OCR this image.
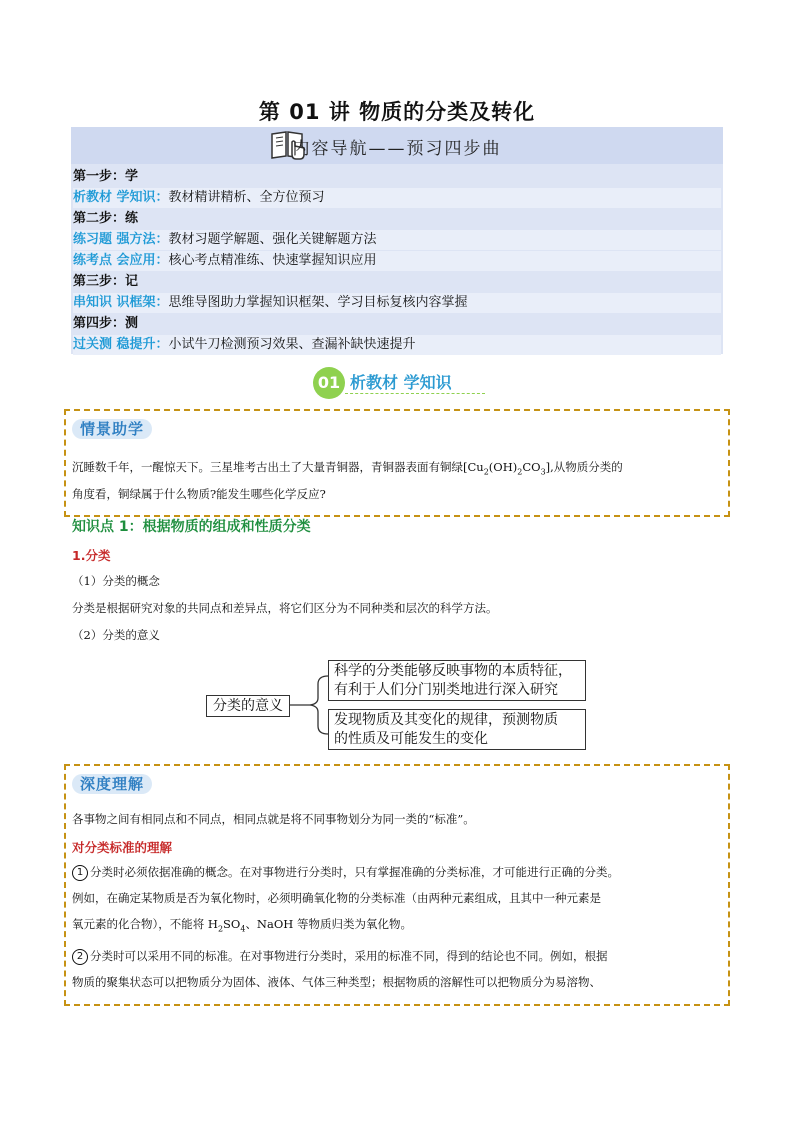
第 01 讲 物质的分类及转化
内容导航——预习四步曲
第一步：学
析教材 学知识：教材精讲精析、全方位预习
第二步：练
练习题 强方法：教材习题学解题、强化关键解题方法
练考点 会应用：核心考点精准练、快速掌握知识应用
第三步：记
串知识 识框架：思维导图助力掌握知识框架、学习目标复核内容掌握
第四步：测
过关测 稳提升：小试牛刀检测预习效果、查漏补缺快速提升
01 析教材 学知识
情景助学
沉睡数千年，一醒惊天下。三星堆考古出土了大量青铜器，青铜器表面有铜绿$[Cu_2(OH)_2CO_3]$,从物质分类的
角度看，铜绿属于什么物质?能发生哪些化学反应?
知识点 1：根据物质的组成和性质分类
1.分类
（1）分类的概念
分类是根据研究对象的共同点和差异点，将它们区分为不同种类和层次的科学方法。
（2）分类的意义
分类的意义
科学的分类能够反映事物的本质特征，
有利于人们分门别类地进行深入研究
发现物质及其变化的规律，预测物质
的性质及可能发生的变化
深度理解
各事物之间有相同点和不同点，相同点就是将不同事物划分为同一类的“标准”。
对分类标准的理解
1 分类时必须依据准确的概念。在对事物进行分类时，只有掌握准确的分类标准，才可能进行正确的分类。
例如，在确定某物质是否为氧化物时，必须明确氧化物的分类标准（由两种元素组成，且其中一种元素是
氧元素的化合物），不能将 $H_2SO_4$、NaOH 等物质归类为氧化物。
2 分类时可以采用不同的标准。在对事物进行分类时，采用的标准不同，得到的结论也不同。例如，根据
物质的聚集状态可以把物质分为固体、液体、气体三种类型；根据物质的溶解性可以把物质分为易溶物、
